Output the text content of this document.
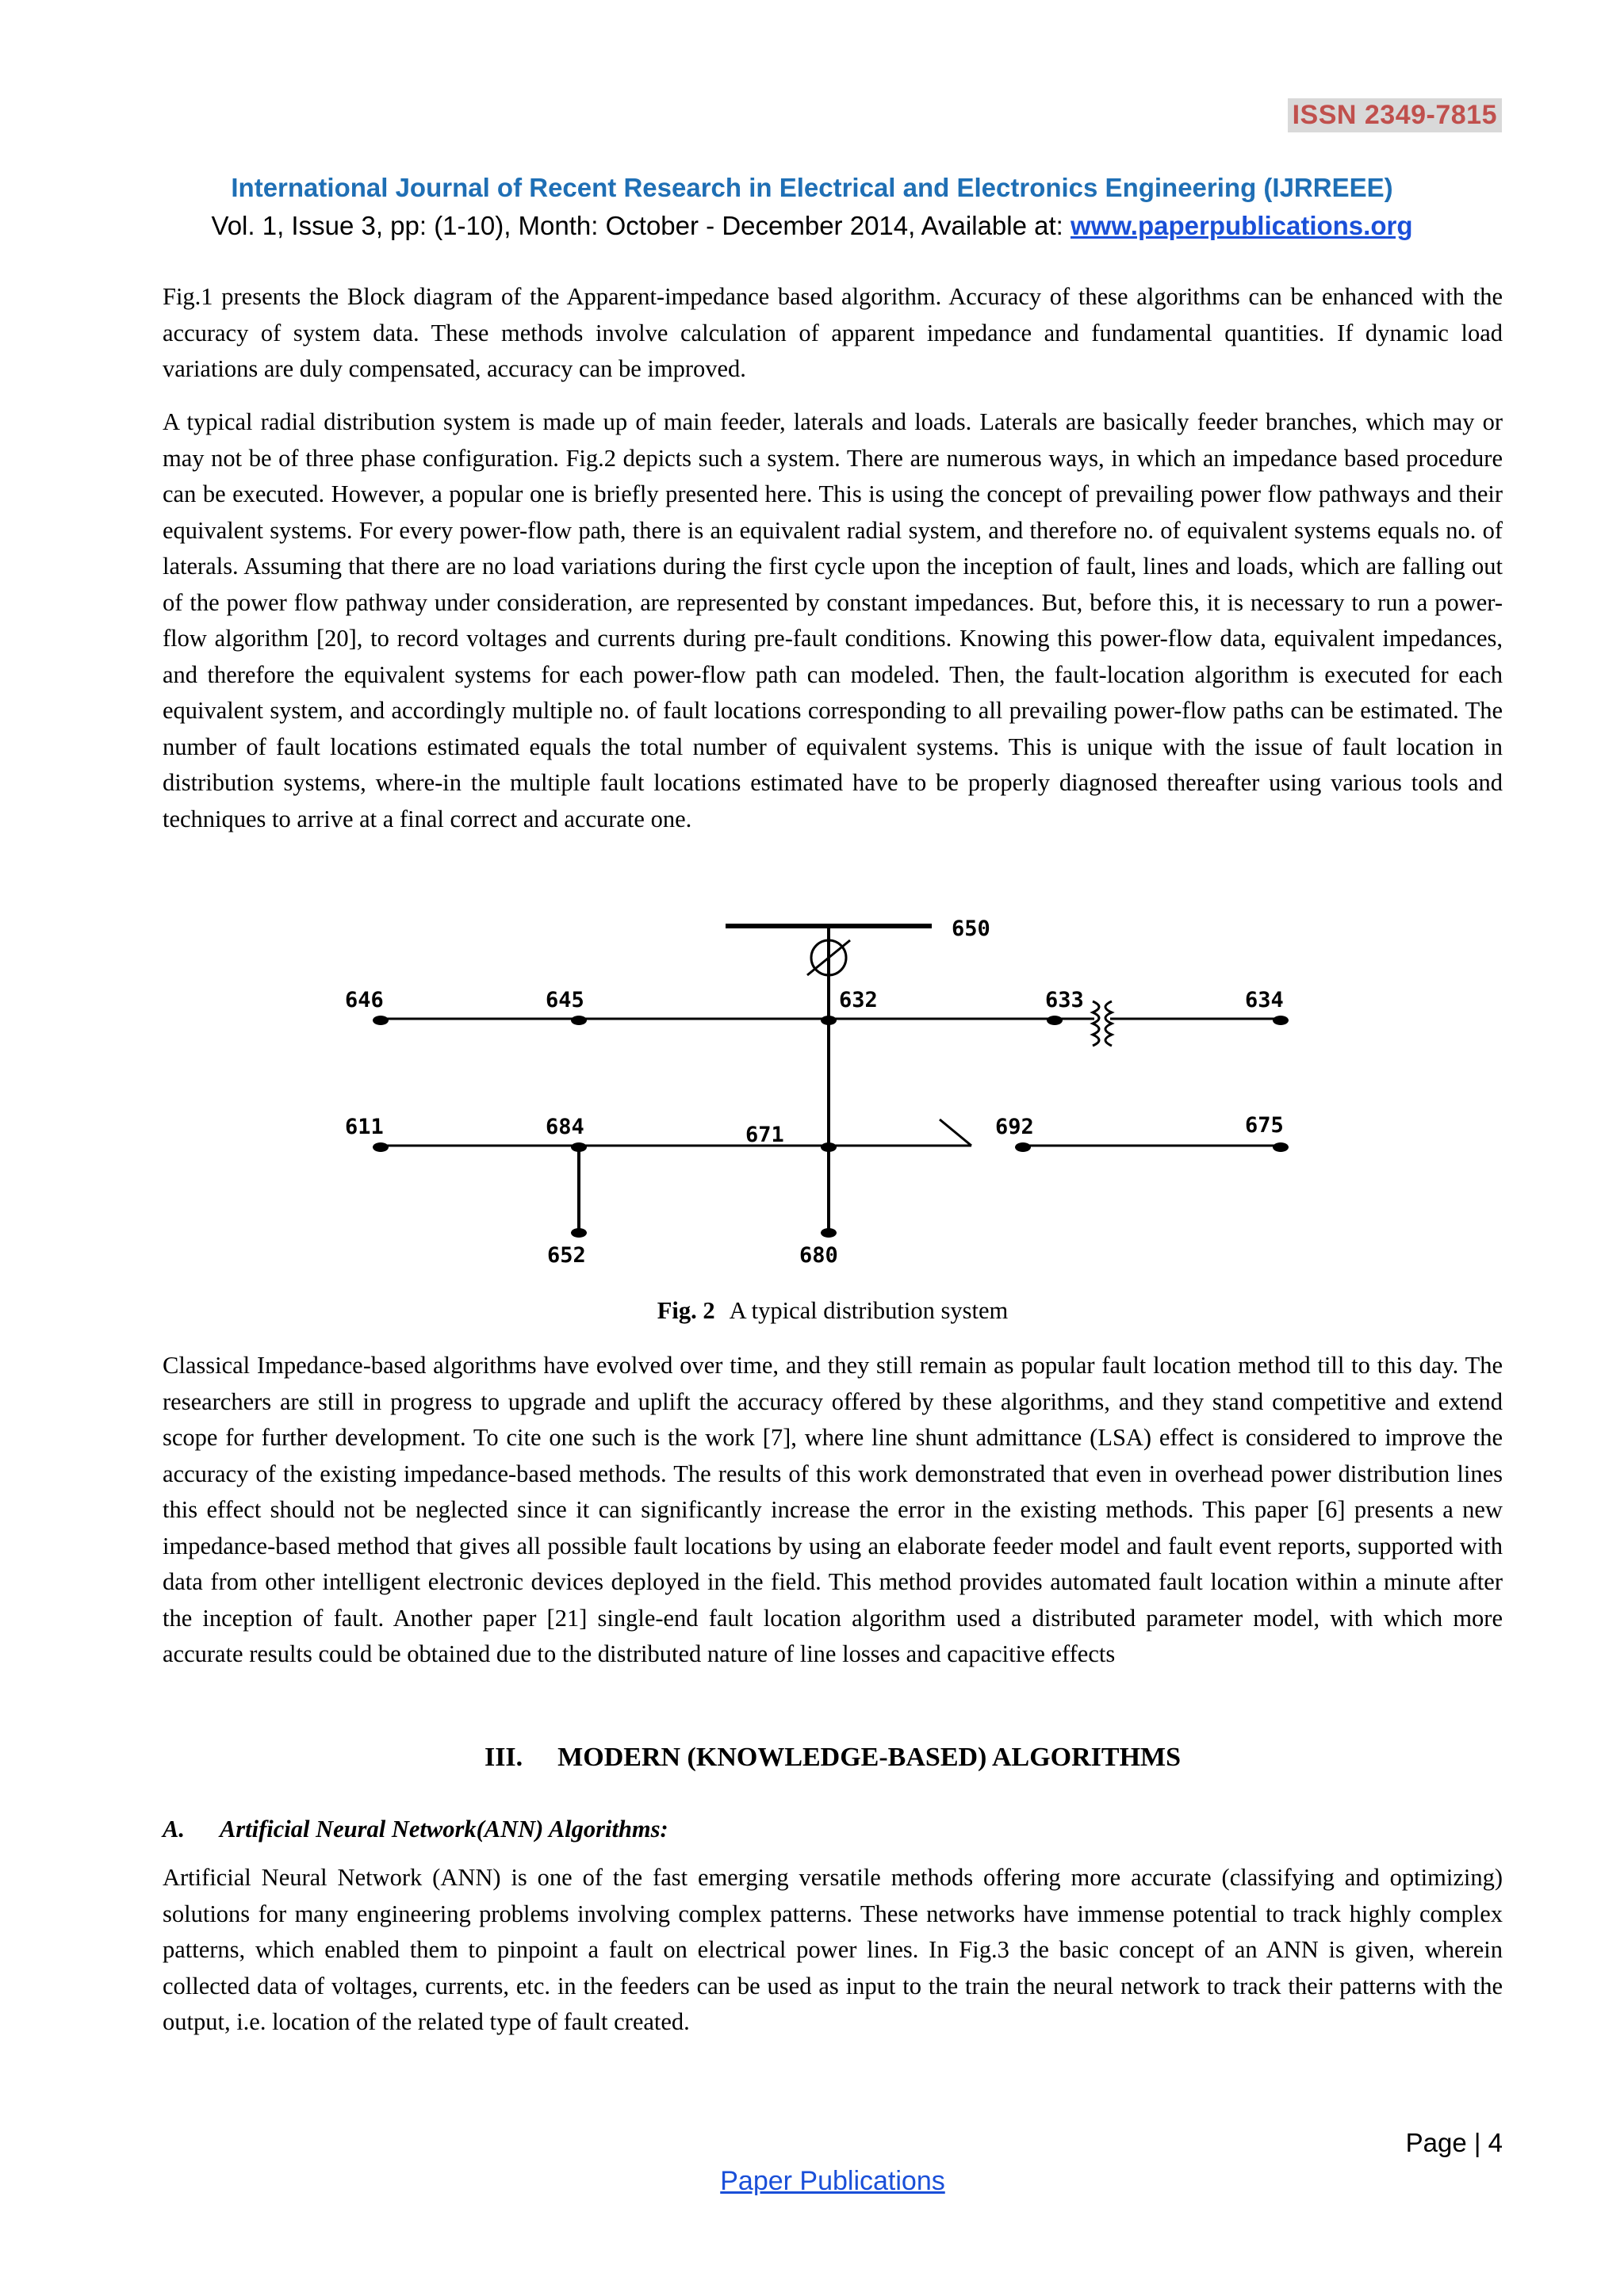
ISSN 2349-7815
International Journal of Recent Research in Electrical and Electronics Engineering (IJRREEE)
Vol. 1, Issue 3, pp: (1-10), Month: October - December 2014, Available at: www.paperpublications.org

Fig.1 presents the Block diagram of the Apparent-impedance based algorithm. Accuracy of these algorithms can be enhanced with the accuracy of system data. These methods involve calculation of apparent impedance and fundamental quantities. If dynamic load variations are duly compensated, accuracy can be improved.

A typical radial distribution system is made up of main feeder, laterals and loads. Laterals are basically feeder branches, which may or may not be of three phase configuration. Fig.2 depicts such a system. There are numerous ways, in which an impedance based procedure can be executed. However, a popular one is briefly presented here. This is using the concept of prevailing power flow pathways and their equivalent systems. For every power-flow path, there is an equivalent radial system, and therefore no. of equivalent systems equals no. of laterals. Assuming that there are no load variations during the first cycle upon the inception of fault, lines and loads, which are falling out of the power flow pathway under consideration, are represented by constant impedances. But, before this, it is necessary to run a power-flow algorithm [20], to record voltages and currents during pre-fault conditions. Knowing this power-flow data, equivalent impedances, and therefore the equivalent systems for each power-flow path can modeled. Then, the fault-location algorithm is executed for each equivalent system, and accordingly multiple no. of fault locations corresponding to all prevailing power-flow paths can be estimated. The number of fault locations estimated equals the total number of equivalent systems. This is unique with the issue of fault location in distribution systems, where-in the multiple fault locations estimated have to be properly diagnosed thereafter using various tools and techniques to arrive at a final correct and accurate one.

650
646	645	632	633	634
611	684	671	692	675
652	680
Fig. 2 A typical distribution system

Classical Impedance-based algorithms have evolved over time, and they still remain as popular fault location method till to this day. The researchers are still in progress to upgrade and uplift the accuracy offered by these algorithms, and they stand competitive and extend scope for further development. To cite one such is the work [7], where line shunt admittance (LSA) effect is considered to improve the accuracy of the existing impedance-based methods. The results of this work demonstrated that even in overhead power distribution lines this effect should not be neglected since it can significantly increase the error in the existing methods. This paper [6] presents a new impedance-based method that gives all possible fault locations by using an elaborate feeder model and fault event reports, supported with data from other intelligent electronic devices deployed in the field. This method provides automated fault location within a minute after the inception of fault. Another paper [21] single-end fault location algorithm used a distributed parameter model, with which more accurate results could be obtained due to the distributed nature of line losses and capacitive effects

III. MODERN (KNOWLEDGE-BASED) ALGORITHMS
A. Artificial Neural Network(ANN) Algorithms:

Artificial Neural Network (ANN) is one of the fast emerging versatile methods offering more accurate (classifying and optimizing) solutions for many engineering problems involving complex patterns. These networks have immense potential to track highly complex patterns, which enabled them to pinpoint a fault on electrical power lines. In Fig.3 the basic concept of an ANN is given, wherein collected data of voltages, currents, etc. in the feeders can be used as input to the train the neural network to track their patterns with the output, i.e. location of the related type of fault created.

Page | 4
Paper Publications
